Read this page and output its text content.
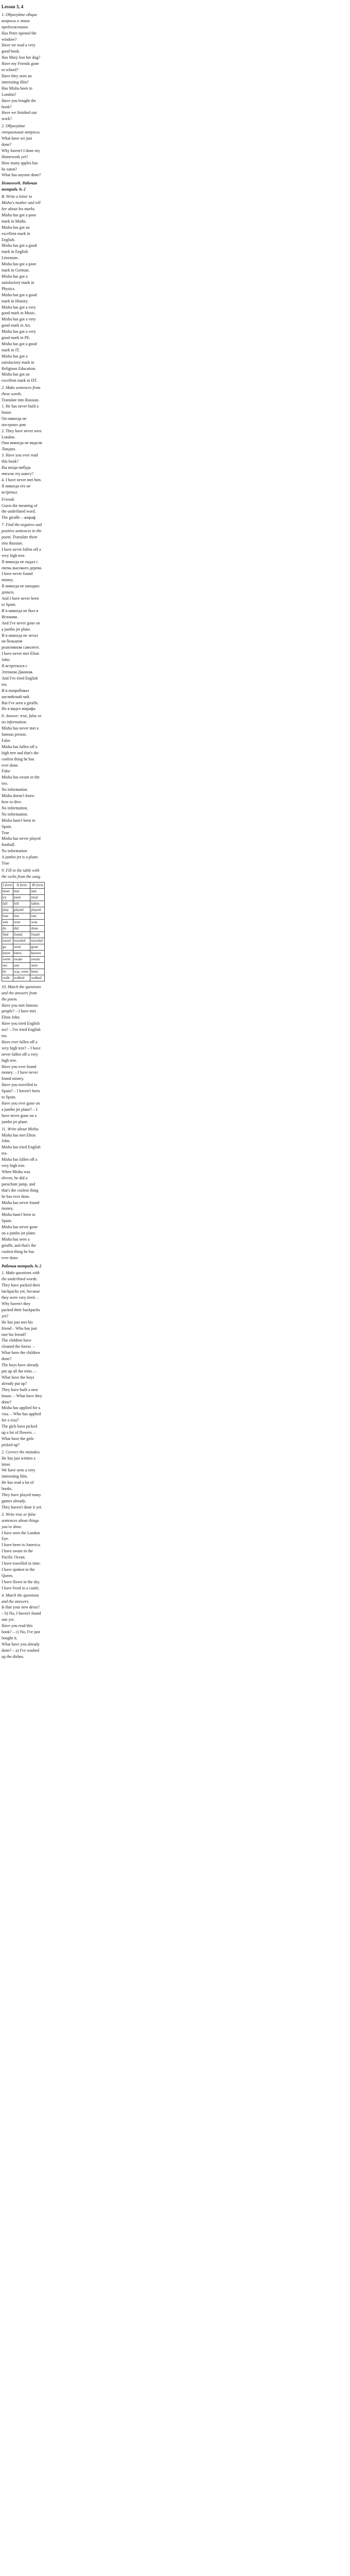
Lesson 3, 4

1. Образуйте общие вопросы к этим предложениям.

Has Peter opened the window?

Have we read a very good book.

Has Mary lost her dog?

Have my Friends gone to school?

Have they seen an interesting film?

Has Misha been to London?

Have you bought the book?

Have we finished our work?

2. Образуйте специальные вопросы.

What have we just done?

Why haven't I done my Homework yet?

How many apples has he eaten?

What has anyone done?

Homework. Рабочая тетрадь № 2

B. Write a letter to Misha's mother and tell her about his marks.

Misha has got a poor mark in Maths.

Misha has got an excellent mark in English.

Misha has got a good mark in English Literature.

Misha has got a poor mark in German.

Misha has got a satisfactory mark in Physics.

Misha has got a good mark in History.

Misha has got a very good mark in Music.

Misha has got a very good mark in Art.

Misha has got a very good mark in PE.

Misha has got a good mark in IT.

Misha has got a satisfactory mark in Religious Education.

Misha has got an excellent mark in DT.

2. Make sentences from these words.

Translate into Russian.

1. He has never built a house.

Он никогда не построил дом

2. They have never seen London.

Они никогда не видели Лондон.

3. Have you ever read this book?

Вы когда-нибудь читали эту книгу?

4. I have never met him.

Я никогда его не встречал.

Friends

Guess the meaning of the underlined word.

The giraffe – жираф

7. Find the negative and positive sentences in the poem. Translate them into Russian.

I have never fallen off a very high tree.

Я никогда не падал с очень высокого дерева.

I have never found money.

Я никогда не находил деньги.

And I have never been to Spain.

И я никогда не был в Испании.

And I've never gone on a jumbo jet plane.

И я никогда не летал на большом реактивном самолете.

I have never met Elton John.

Я встретился с Элтоном Джоном.

And I've tried English tea.

И я попробовал английский чай.

But I've seen a giraffe.

Но я видел жирафа.

8. Answer: true, false or no information.

Misha has never met a famous person.

False

Misha has fallen off a high tree and that's the coolest thing he has ever done.

False

Misha has swum in the sea.

No information.

Misha doesn't know how to dive.

No information.

No information.

Misha hasn't been to Spain.

True

Misha has never played football.

No information

A jumbo jet is a plane.

True

9. Fill in the table with the verbs from the song.

I form	II form	III form
meet	met	met
try	tried	tried
fall	fell	fallen
play	played	played
lose	lost	lost
win	won	won
do	did	done
find	found	found
travel	traveled	traveled
go	went	gone
know	knew	known
swim	swam	swum
see	saw	seen
be	was, were	been
walk	walked	walked

10. Match the questions and the answers from the poem.

Have you met famous people? – I have met Elton John.

Have you tried English tea? – I've tried English tea.

Have ever fallen off a very high tree? – I have never fallen off a very high tree.

Have you ever found money. – I have never found money.

Have you travelled to Spain? – I haven't been to Spain.

Have you ever gone on a jumbo jet plane? – I have never gone on a jumbo jet plane.

11. Write about Misha.

Misha has met Elton John.

Misha has tried English tea.

Misha has fallen off a very high tree.

When Misha was eleven, he did a parachute jump, and that's the coolest thing he has ever done.

Misha has never found money.

Misha hasn't been to Spain.

Misha has never gone on a jumbo jet plane.

Misha has seen a giraffe, and that's the coolest thing he has ever done.

Рабочая тетрадь № 2

1. Make questions with the underlined words.

They have packed their backpacks yet, because they were very tired. – Why haven't they packed their backpacks yet?

He has just met his friend – Who has just met his friend?

The children have cleaned the forest. – What have the children done?

The boys have already put up all the tents. – What have the boys already put up?

They have built a new house. – What have they done?

Misha has applied for a visa. – Who has applied for a visa?

The girls have picked up a lot of flowers. – What have the girls picked up?

2. Correct the mistakes.

He has just written a letter.

We have seen a very interesting film.

He has read a lot of books.

They have played many games already.

They haven't done it yet.

3. Write true or false sentences about things you've done.

I have seen the London Eye.

I have been in America.

I have swum in the Pacific Ocean.

I have travelled in time.

I have spoken to the Queen.

I have flown in the sky.

I have lived in a castle.

4. Match the questions and the answers.

Is that your new dress? – b) No, I haven't found one yet.

Have you read this book? – c) No, I've just bought it.

What have you already done? – a) I've washed up the dishes.
